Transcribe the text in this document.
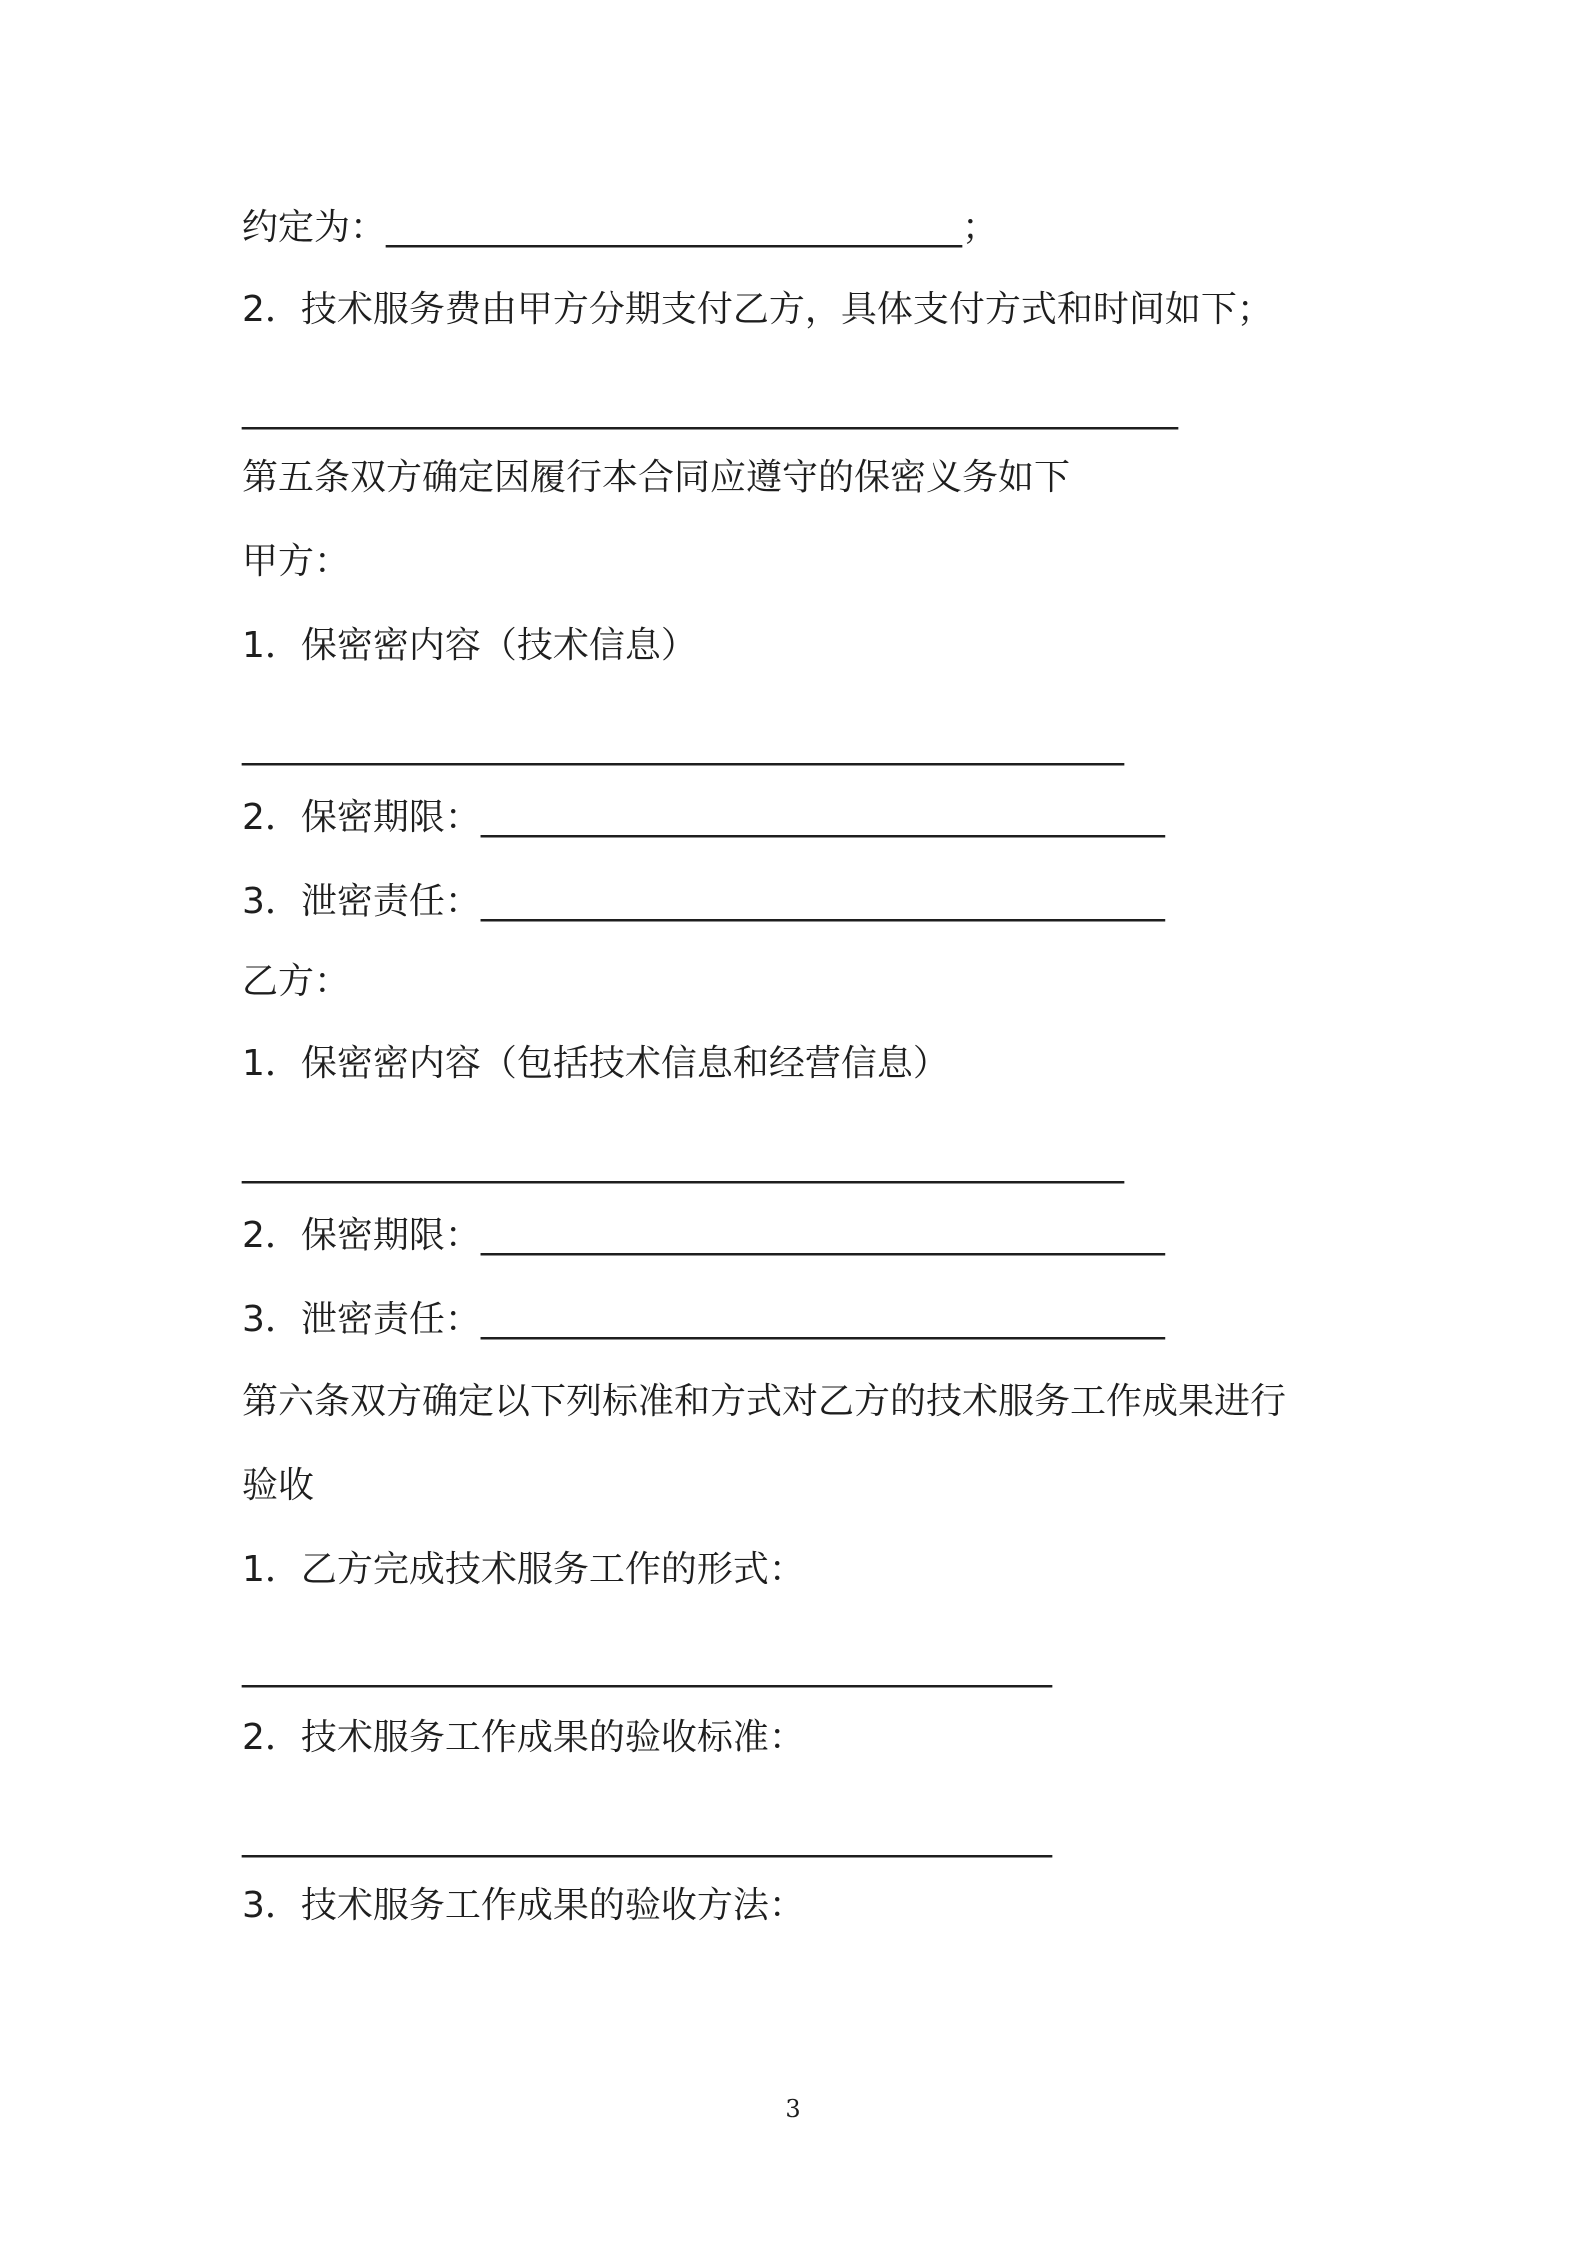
约定为：________________________________；
2．技术服务费由甲方分期支付乙方，具体支付方式和时间如下；
____________________________________________________
第五条双方确定因履行本合同应遵守的保密义务如下
甲方：
1．保密密内容（技术信息）
_________________________________________________
2．保密期限：______________________________________
3．泄密责任：______________________________________
乙方：
1．保密密内容（包括技术信息和经营信息）
_________________________________________________
2．保密期限：______________________________________
3．泄密责任：______________________________________
第六条双方确定以下列标准和方式对乙方的技术服务工作成果进行
验收
1．乙方完成技术服务工作的形式：
_____________________________________________
2．技术服务工作成果的验收标准：
_____________________________________________
3．技术服务工作成果的验收方法：
3
